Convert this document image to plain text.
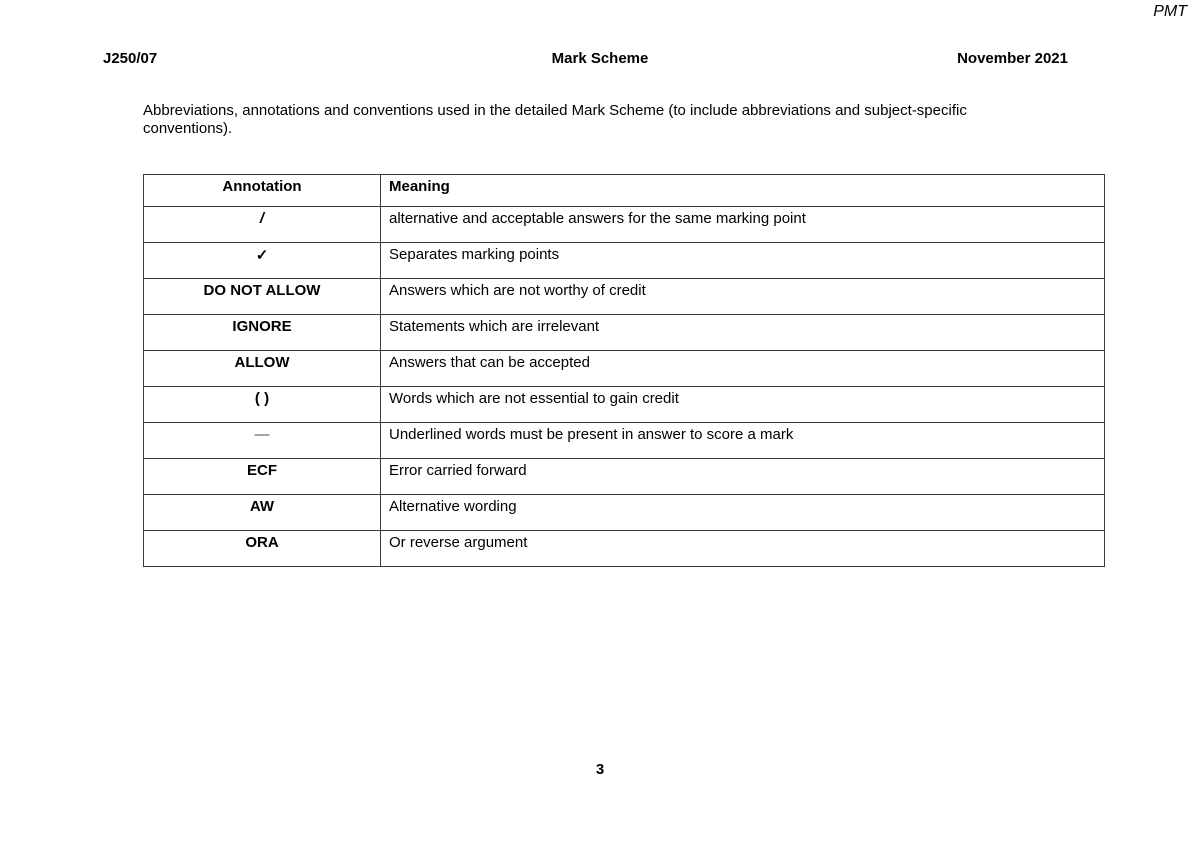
PMT
J250/07	Mark Scheme	November 2021
Abbreviations, annotations and conventions used in the detailed Mark Scheme (to include abbreviations and subject-specific conventions).
Annotation	Meaning
/	alternative and acceptable answers for the same marking point
✓	Separates marking points
DO NOT ALLOW	Answers which are not worthy of credit
IGNORE	Statements which are irrelevant
ALLOW	Answers that can be accepted
( )	Words which are not essential to gain credit
—	Underlined words must be present in answer to score a mark
ECF	Error carried forward
AW	Alternative wording
ORA	Or reverse argument
3
